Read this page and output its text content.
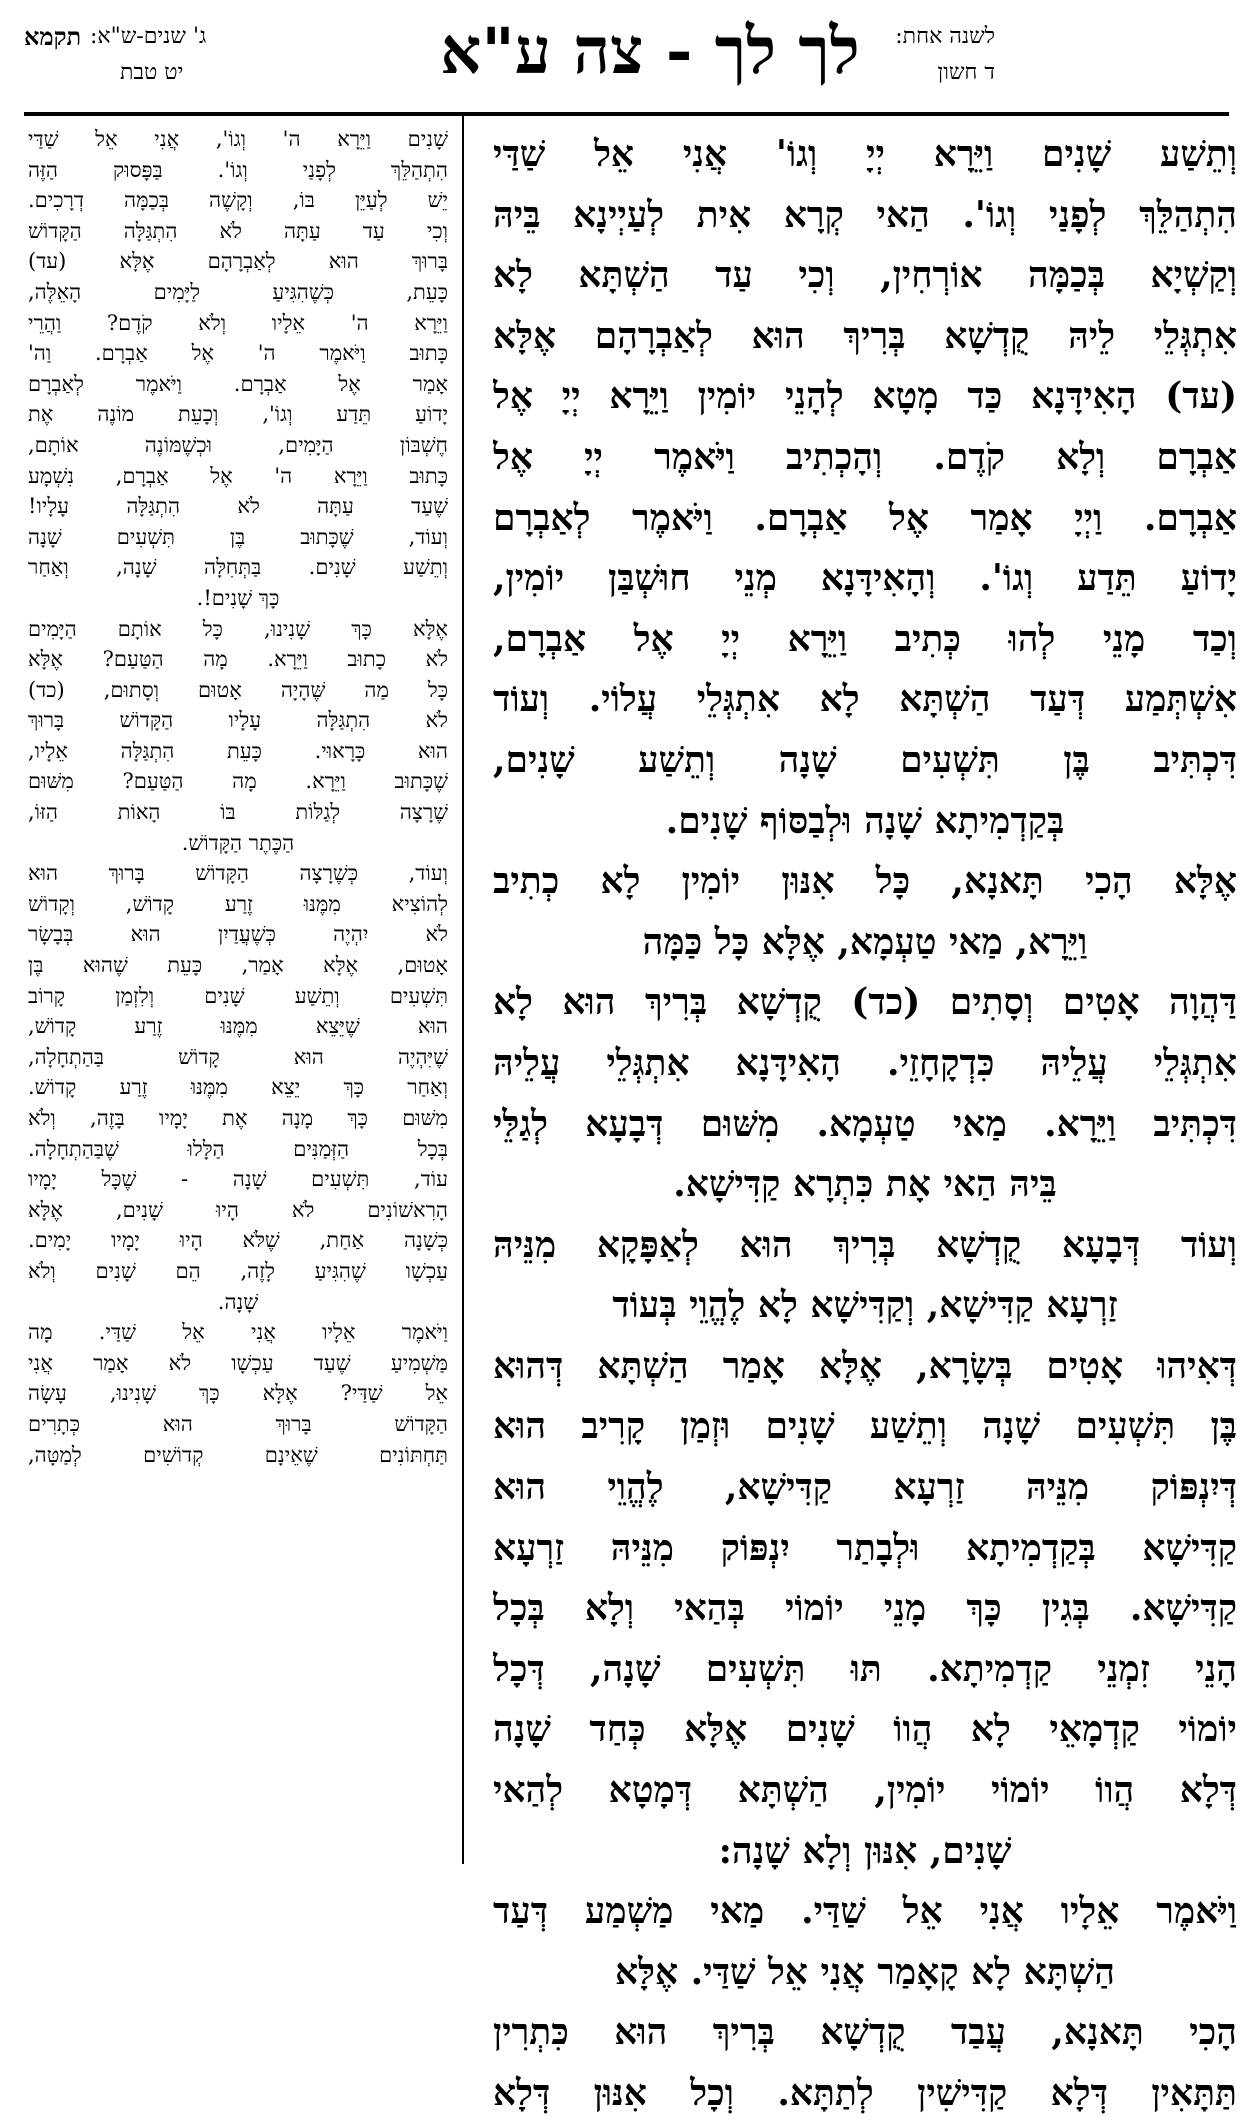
לשנה אחת:
ד חשון
לך לך - צה ע"א
ג' שנים-ש"א:
יט טבת
תקמא
וְתֵשַׁע שָׁנִים וַיֵּרָא יְיָ וְגוֹ' אֲנִי אֵל שַׁדַּי
הִתְהַלֵּךְ לְפָנַי וְגוֹ'. הַאי קְרָא אִית לְעַיְינָא בֵּיהּ
וְקַשְׁיָא בְּכַמָּה אוֹרְחִין, וְכִי עַד הַשְׁתָּא לָא
אִתְגְּלֵי לֵיהּ קֻדְשָׁא בְּרִיךְ הוּא לְאַבְרָהָם אֶלָּא
(עד) הָאִידָּנָא כַּד מָטָא לְהָנֵי יוֹמִין וַיֵּרָא יְיָ אֶל
אַבְרָם וְלָא קֹדֶם. וְהָכְתִיב וַיֹּאמֶר יְיָ אֶל
אַבְרָם. וַיְיָ אָמַר אֶל אַבְרָם. וַיֹּאמֶר לְאַבְרָם
יָדוֹעַ תֵּדַע וְגוֹ'. וְהָאִידָּנָא מְנֵי חוּשְׁבַּן יוֹמִין,
וְכַד מָנֵי לְהוּ כְּתִיב וַיֵּרָא יְיָ אֶל אַבְרָם,
אִשְׁתְּמַע דְּעַד הַשְׁתָּא לָא אִתְגְּלֵי עֲלוֹי. וְעוֹד
דִּכְתִּיב בֶּן תִּשְׁעִים שָׁנָה וְתֵשַׁע שָׁנִים,
בְּקַדְמִיתָא שָׁנָה וּלְבַסּוֹף שָׁנִים.
אֶלָּא הָכִי תָּאנָא, כָּל אִנּוּן יוֹמִין לָא כְתִיב
וַיֵּרָא, מַאי טַעְמָא, אֶלָּא כָּל כַּמָּה
דַּהֲוָה אָטִים וְסָתִים (כד) קֻדְשָׁא בְּרִיךְ הוּא לָא
אִתְגְּלֵי עֲלֵיהּ כִּדְקָחָזֵי. הָאִידָּנָא אִתְגְּלֵי עֲלֵיהּ
דִּכְתִּיב וַיֵּרָא. מַאי טַעְמָא. מִשּׁוּם דְּבָעָא לְגַלֵּי
בֵּיהּ הַאי אָת כִּתְרָא קַדִּישָׁא.
וְעוֹד דְּבָעָא קֻדְשָׁא בְּרִיךְ הוּא לְאַפָּקָא מִנֵּיהּ
זַרְעָא קַדִּישָׁא, וְקַדִּישָׁא לָא לֶהֱוֵי בְּעוֹד
דְּאִיהוּ אָטִים בְּשָׂרָא, אֶלָּא אָמַר הַשְׁתָּא דְּהוּא
בֶּן תִּשְׁעִים שָׁנָה וְתֵשַׁע שָׁנִים וּזְמַן קָרִיב הוּא
דְּיִנְפּוֹק מִנֵּיהּ זַרְעָא קַדִּישָׁא, לֶהֱוֵי הוּא
קַדִּישָׁא בְּקַדְמִיתָא וּלְבָתַר יִנְפּוֹק מִנֵּיהּ זַרְעָא
קַדִּישָׁא. בְּגִין כָּךְ מָנֵי יוֹמוֹי בְּהַאי וְלָא בְּכָל
הָנֵי זִמְנֵי קַדְמִיתָא. תּוּ תִּשְׁעִים שָׁנָה, דְּכָל
יוֹמוֹי קַדְמָאֵי לָא הֲווֹ שָׁנִים אֶלָּא כְּחַד שָׁנָה
דְּלָא הֲווֹ יוֹמוֹי יוֹמִין, הַשְׁתָּא דְּמָטָא לְהַאי
שָׁנִים, אִנּוּן וְלָא שָׁנָה:
וַיֹּאמֶר אֵלָיו אֲנִי אֵל שַׁדַּי. מַאי מַשְׁמַע דְּעַד
הַשְׁתָּא לָא קָאָמַר אֲנִי אֵל שַׁדַּי. אֶלָּא
הָכִי תָּאנָא, עֲבַד קֻדְשָׁא בְּרִיךְ הוּא כִּתְרִין
תַּתָּאִין דְּלָא קַדִּישִׁין לְתַתָּא. וְכָל אִנּוּן דְּלָא
שָׁנִים וַיֵּרָא ה' וְגוֹ', אֲנִי אֵל שַׁדַּי
הִתְהַלֵּךְ לְפָנַי וְגוֹ'. בַּפָּסוּק הַזֶּה
יֵשׁ לְעַיֵּן בּוֹ, וְקָשֶׁה בְּכַמָּה דְרָכִים.
וְכִי עַד עַתָּה לֹא הִתְגַּלָּה הַקָּדוֹשׁ
בָּרוּךְ הוּא לְאַבְרָהָם אֶלָּא (עד)
כָּעֵת, כְּשֶׁהִגִּיעַ לַיָּמִים הָאֵלֶּה,
וַיֵּרָא ה' אֵלָיו וְלֹא קֹדֶם? וַהֲרֵי
כָּתוּב וַיֹּאמֶר ה' אֶל אַבְרָם. וַה'
אָמַר אֶל אַבְרָם. וַיֹּאמֶר לְאַבְרָם
יָדוֹעַ תֵּדַע וְגוֹ', וְכָעֵת מוֹנֶה אֶת
חֶשְׁבּוֹן הַיָּמִים, וּכְשֶׁמּוֹנֶה אוֹתָם,
כָּתוּב וַיֵּרָא ה' אֶל אַבְרָם, נִשְׁמָע
שֶׁעַד עַתָּה לֹא הִתְגַּלָּה עָלָיו!
וְעוֹד, שֶׁכָּתוּב בֶּן תִּשְׁעִים שָׁנָה
וְתֵשַׁע שָׁנִים. בַּתְּחִלָּה שָׁנָה, וְאַחַר
כָּךְ שָׁנִים!.
אֶלָּא כָּךְ שָׁנִינוּ, כָּל אוֹתָם הַיָּמִים
לֹא כָתוּב וַיֵּרָא. מָה הַטַּעַם? אֶלָּא
כָּל מַה שֶּׁהָיָה אָטוּם וְסָתוּם, (כד)
לֹא הִתְגַּלָּה עָלָיו הַקָּדוֹשׁ בָּרוּךְ
הוּא כָּרָאוּי. כָּעֵת הִתְגַּלָּה אֵלָיו,
שֶׁכָּתוּב וַיֵּרָא. מָה הַטַּעַם? מִשּׁוּם
שֶׁרָצָה לְגַלּוֹת בּוֹ הָאוֹת הַזּוֹ,
הַכֶּתֶר הַקָּדוֹשׁ.
וְעוֹד, כְּשֶׁרָצָה הַקָּדוֹשׁ בָּרוּךְ הוּא
לְהוֹצִיא מִמֶּנּוּ זֶרַע קָדוֹשׁ, וְקָדוֹשׁ
לֹא יִהְיֶה כְּשֶׁעֲדַיִן הוּא בְּבָשָׂר
אָטוּם, אֶלָּא אָמַר, כָּעֵת שֶׁהוּא בֶּן
תִּשְׁעִים וְתֵשַׁע שָׁנִים וְלִזְמַן קָרוֹב
הוּא שֶׁיֵּצֵא מִמֶּנּוּ זֶרַע קָדוֹשׁ,
שֶׁיִּהְיֶה הוּא קָדוֹשׁ בַּהַתְחָלָה,
וְאַחַר כָּךְ יֵצֵא מִמֶּנּוּ זֶרַע קָדוֹשׁ.
מִשּׁוּם כָּךְ מָנָה אֶת יָמָיו בָּזֶה, וְלֹא
בְּכָל הַזְּמַנִּים הַלָּלוּ שֶׁבַּהַתְחָלָה.
עוֹד, תִּשְׁעִים שָׁנָה - שֶׁכָּל יָמָיו
הָרִאשׁוֹנִים לֹא הָיוּ שָׁנִים, אֶלָּא
כְּשָׁנָה אַחַת, שֶׁלֹּא הָיוּ יָמָיו יָמִים.
עַכְשָׁו שֶׁהִגִּיעַ לָזֶה, הֵם שָׁנִים וְלֹא
שָׁנָה.
וַיֹּאמֶר אֵלָיו אֲנִי אֵל שַׁדַּי. מָה
מַּשְׁמִיעַ שֶׁעַד עַכְשָׁו לֹא אָמַר אֲנִי
אֵל שַׁדַּי? אֶלָּא כָּךְ שָׁנִינוּ, עָשָׂה
הַקָּדוֹשׁ בָּרוּךְ הוּא כְּתָרִים
תַּחְתּוֹנִים שֶׁאֵינָם קְדוֹשִׁים לְמַטָּה,
